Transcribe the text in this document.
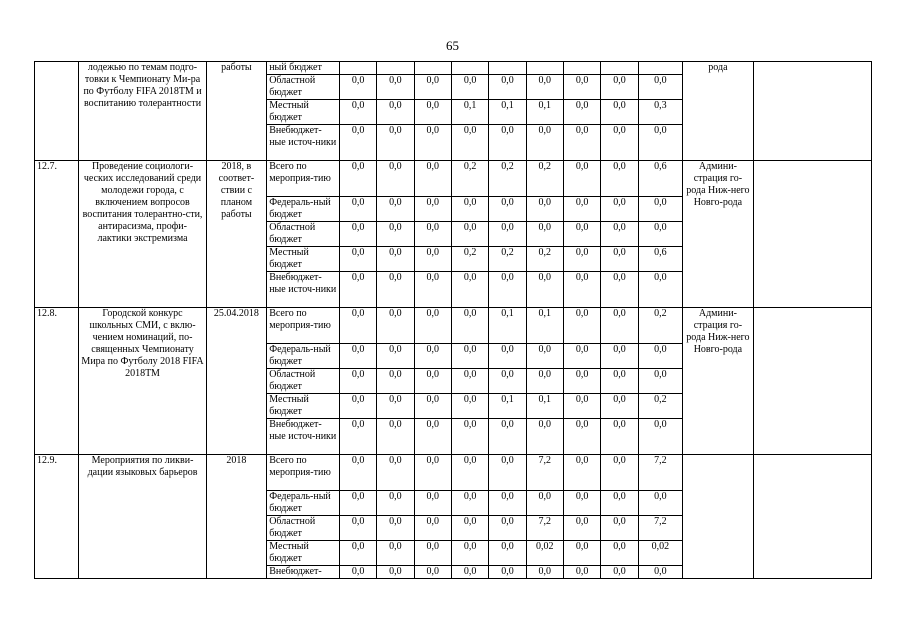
65
	лодежью по темам подго-товки к Чемпионату Ми-ра по Футболу FIFA 2018ТМ и воспитанию толерантности	работы	ный бюджет										рода	
			Областной бюджет	0,0	0,0	0,0	0,0	0,0	0,0	0,0	0,0	0,0		
			Местный бюджет	0,0	0,0	0,0	0,1	0,1	0,1	0,0	0,0	0,3		
			Внебюджет-ные источ-ники	0,0	0,0	0,0	0,0	0,0	0,0	0,0	0,0	0,0		
12.7.	Проведение социологи-ческих исследований среди молодежи города, с включением вопросов воспитания толерантно-сти, антирасизма, профи-лактики экстремизма	2018, в соответ-ствии с планом работы	Всего по мероприя-тию	0,0	0,0	0,0	0,2	0,2	0,2	0,0	0,0	0,6	Админи-страция го-рода Ниж-него Новго-рода	
			Федераль-ный бюджет	0,0	0,0	0,0	0,0	0,0	0,0	0,0	0,0	0,0		
			Областной бюджет	0,0	0,0	0,0	0,0	0,0	0,0	0,0	0,0	0,0		
			Местный бюджет	0,0	0,0	0,0	0,2	0,2	0,2	0,0	0,0	0,6		
			Внебюджет-ные источ-ники	0,0	0,0	0,0	0,0	0,0	0,0	0,0	0,0	0,0		
12.8.	Городской конкурс школьных СМИ, с вклю-чением номинаций, по-священных Чемпионату Мира по Футболу 2018 FIFA 2018ТМ	25.04.2018	Всего по мероприя-тию	0,0	0,0	0,0	0,0	0,1	0,1	0,0	0,0	0,2	Админи-страция го-рода Ниж-него Новго-рода	
			Федераль-ный бюджет	0,0	0,0	0,0	0,0	0,0	0,0	0,0	0,0	0,0		
			Областной бюджет	0,0	0,0	0,0	0,0	0,0	0,0	0,0	0,0	0,0		
			Местный бюджет	0,0	0,0	0,0	0,0	0,1	0,1	0,0	0,0	0,2		
			Внебюджет-ные источ-ники	0,0	0,0	0,0	0,0	0,0	0,0	0,0	0,0	0,0		
12.9.	Мероприятия по ликви-дации языковых барьеров	2018	Всего по мероприя-тию	0,0	0,0	0,0	0,0	0,0	7,2	0,0	0,0	7,2		
			Федераль-ный бюджет	0,0	0,0	0,0	0,0	0,0	0,0	0,0	0,0	0,0		
			Областной бюджет	0,0	0,0	0,0	0,0	0,0	7,2	0,0	0,0	7,2		
			Местный бюджет	0,0	0,0	0,0	0,0	0,0	0,02	0,0	0,0	0,02		
			Внебюджет-	0,0	0,0	0,0	0,0	0,0	0,0	0,0	0,0	0,0		
